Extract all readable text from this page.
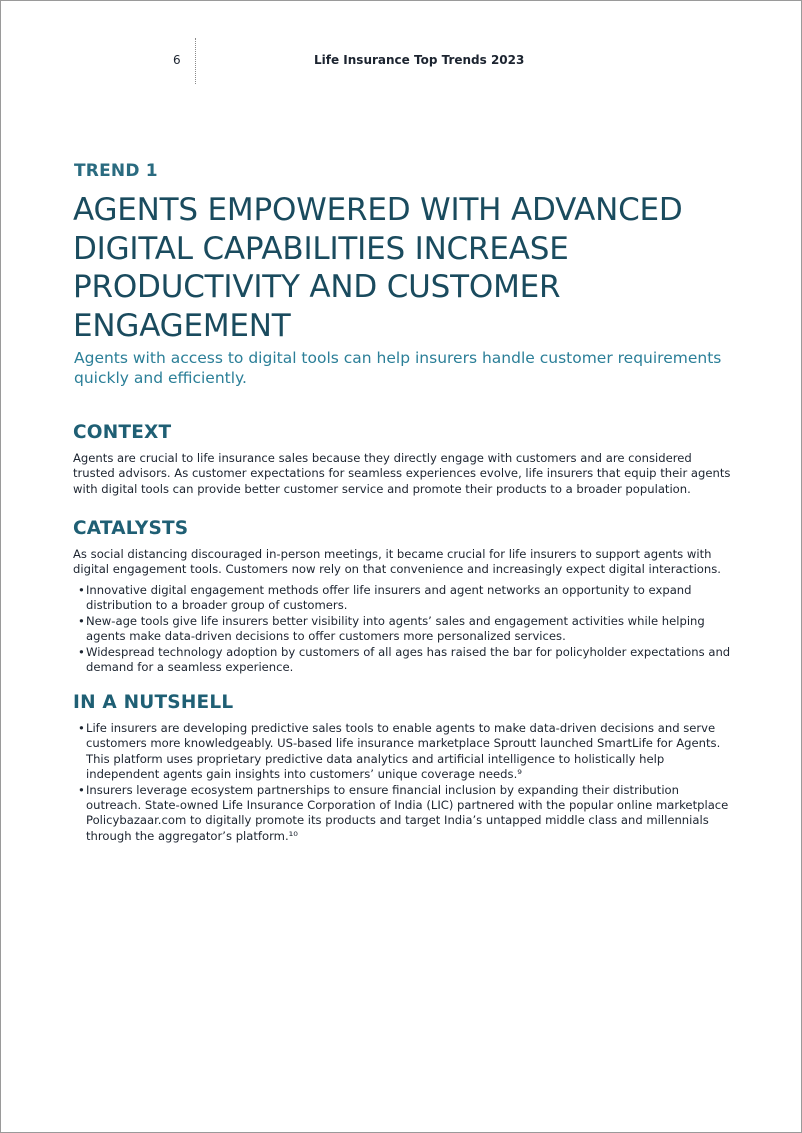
6	Life Insurance Top Trends 2023
TREND 1
AGENTS EMPOWERED WITH ADVANCED
DIGITAL CAPABILITIES INCREASE
PRODUCTIVITY AND CUSTOMER
ENGAGEMENT

Agents with access to digital tools can help insurers handle customer requirements quickly and efficiently.

CONTEXT

Agents are crucial to life insurance sales because they directly engage with customers and are considered trusted advisors. As customer expectations for seamless experiences evolve, life insurers that equip their agents with digital tools can provide better customer service and promote their products to a broader population.

CATALYSTS

As social distancing discouraged in-person meetings, it became crucial for life insurers to support agents with digital engagement tools. Customers now rely on that convenience and increasingly expect digital interactions.

• Innovative digital engagement methods offer life insurers and agent networks an opportunity to expand distribution to a broader group of customers.
• New-age tools give life insurers better visibility into agents’ sales and engagement activities while helping agents make data-driven decisions to offer customers more personalized services.
• Widespread technology adoption by customers of all ages has raised the bar for policyholder expectations and demand for a seamless experience.
IN A NUTSHELL
• Life insurers are developing predictive sales tools to enable agents to make data-driven decisions and serve customers more knowledgeably. US-based life insurance marketplace Sproutt launched SmartLife for Agents. This platform uses proprietary predictive data analytics and artificial intelligence to holistically help independent agents gain insights into customers’ unique coverage needs.⁹
• Insurers leverage ecosystem partnerships to ensure financial inclusion by expanding their distribution outreach. State-owned Life Insurance Corporation of India (LIC) partnered with the popular online marketplace Policybazaar.com to digitally promote its products and target India’s untapped middle class and millennials through the aggregator’s platform.¹⁰
